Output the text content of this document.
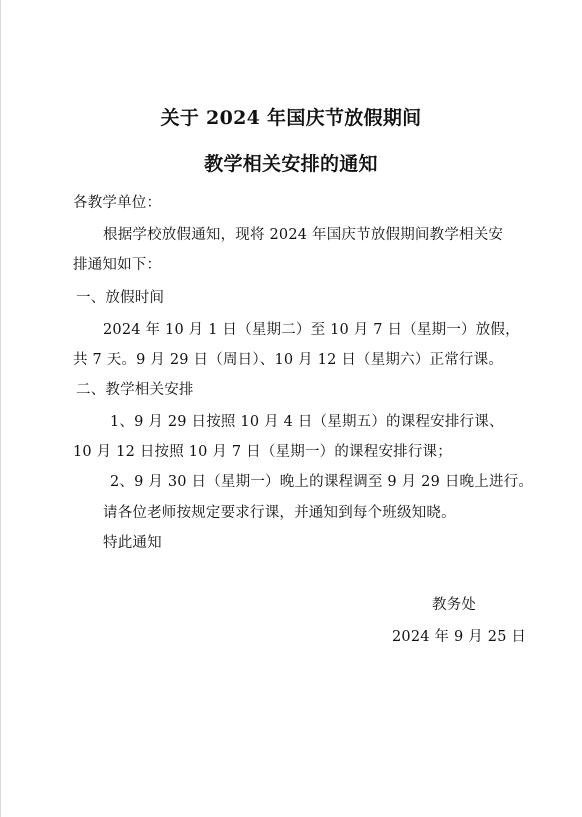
关于 2024 年国庆节放假期间
教学相关安排的通知
各教学单位：
根据学校放假通知，现将 2024 年国庆节放假期间教学相关安
排通知如下：
一、放假时间
2024 年 10 月 1 日（星期二）至 10 月 7 日（星期一）放假，
共 7 天。9 月 29 日（周日）、10 月 12 日（星期六）正常行课。
二、教学相关安排
1、9 月 29 日按照 10 月 4 日（星期五）的课程安排行课、
10 月 12 日按照 10 月 7 日（星期一）的课程安排行课；
2、9 月 30 日（星期一）晚上的课程调至 9 月 29 日晚上进行。
请各位老师按规定要求行课，并通知到每个班级知晓。
特此通知
教务处
2024 年 9 月 25 日
